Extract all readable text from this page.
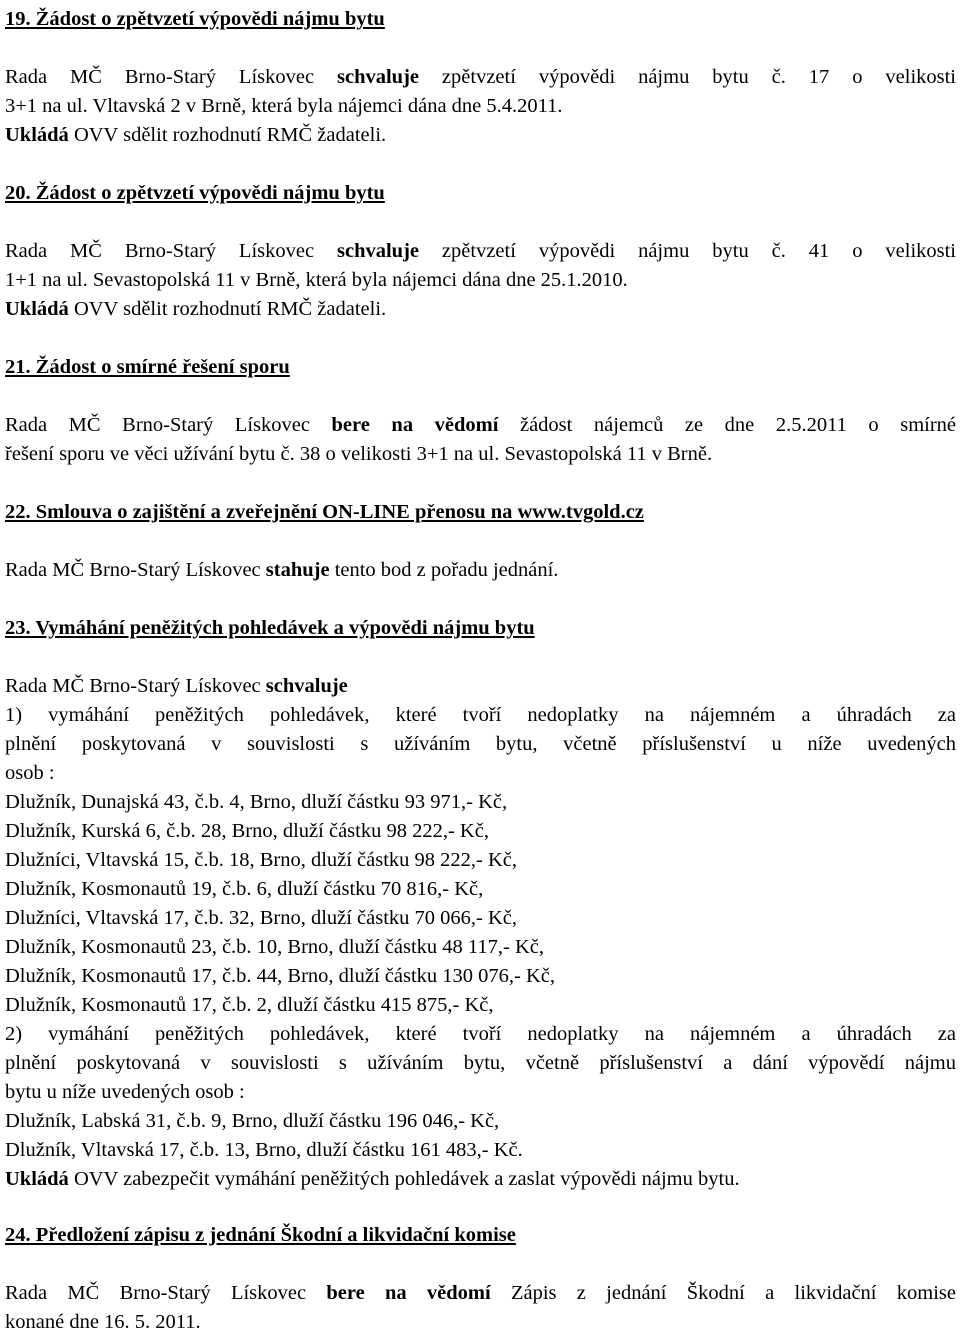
19. Žádost o zpětvzetí výpovědi nájmu bytu
Rada MČ Brno-Starý Lískovec schvaluje zpětvzetí výpovědi nájmu bytu č. 17 o velikosti
3+1 na ul. Vltavská 2 v Brně, která byla nájemci dána dne 5.4.2011.
Ukládá OVV sdělit rozhodnutí RMČ žadateli.
20. Žádost o zpětvzetí výpovědi nájmu bytu
Rada MČ Brno-Starý Lískovec schvaluje zpětvzetí výpovědi nájmu bytu č. 41 o velikosti
1+1 na ul. Sevastopolská 11 v Brně, která byla nájemci dána dne 25.1.2010.
Ukládá OVV sdělit rozhodnutí RMČ žadateli.
21. Žádost o smírné řešení sporu
Rada MČ Brno-Starý Lískovec bere na vědomí žádost nájemců ze dne 2.5.2011 o smírné
řešení sporu ve věci užívání bytu č. 38 o velikosti 3+1 na ul. Sevastopolská 11 v Brně.
22. Smlouva o zajištění a zveřejnění ON-LINE přenosu na www.tvgold.cz
Rada MČ Brno-Starý Lískovec stahuje tento bod z pořadu jednání.
23. Vymáhání peněžitých pohledávek a výpovědi nájmu bytu
Rada MČ Brno-Starý Lískovec schvaluje
1) vymáhání peněžitých pohledávek, které tvoří nedoplatky na nájemném a úhradách za
plnění poskytovaná v souvislosti s užíváním bytu, včetně příslušenství u níže uvedených
osob :
Dlužník, Dunajská 43, č.b. 4, Brno, dluží částku 93 971,- Kč,
Dlužník, Kurská 6, č.b. 28, Brno, dluží částku 98 222,- Kč,
Dlužníci, Vltavská 15, č.b. 18, Brno, dluží částku 98 222,- Kč,
Dlužník, Kosmonautů 19, č.b. 6, dluží částku 70 816,- Kč,
Dlužníci, Vltavská 17, č.b. 32, Brno, dluží částku 70 066,- Kč,
Dlužník, Kosmonautů 23, č.b. 10, Brno, dluží částku 48 117,- Kč,
Dlužník, Kosmonautů 17, č.b. 44, Brno, dluží částku 130 076,- Kč,
Dlužník, Kosmonautů 17, č.b. 2, dluží částku 415 875,- Kč,
2) vymáhání peněžitých pohledávek, které tvoří nedoplatky na nájemném a úhradách za
plnění poskytovaná v souvislosti s užíváním bytu, včetně příslušenství a dání výpovědí nájmu
bytu u níže uvedených osob :
Dlužník, Labská 31, č.b. 9, Brno, dluží částku 196 046,- Kč,
Dlužník, Vltavská 17, č.b. 13, Brno, dluží částku 161 483,- Kč.
Ukládá OVV zabezpečit vymáhání peněžitých pohledávek a zaslat výpovědi nájmu bytu.
24. Předložení zápisu z jednání Škodní a likvidační komise
Rada MČ Brno-Starý Lískovec bere na vědomí Zápis z jednání Škodní a likvidační komise
konané dne 16. 5. 2011.
